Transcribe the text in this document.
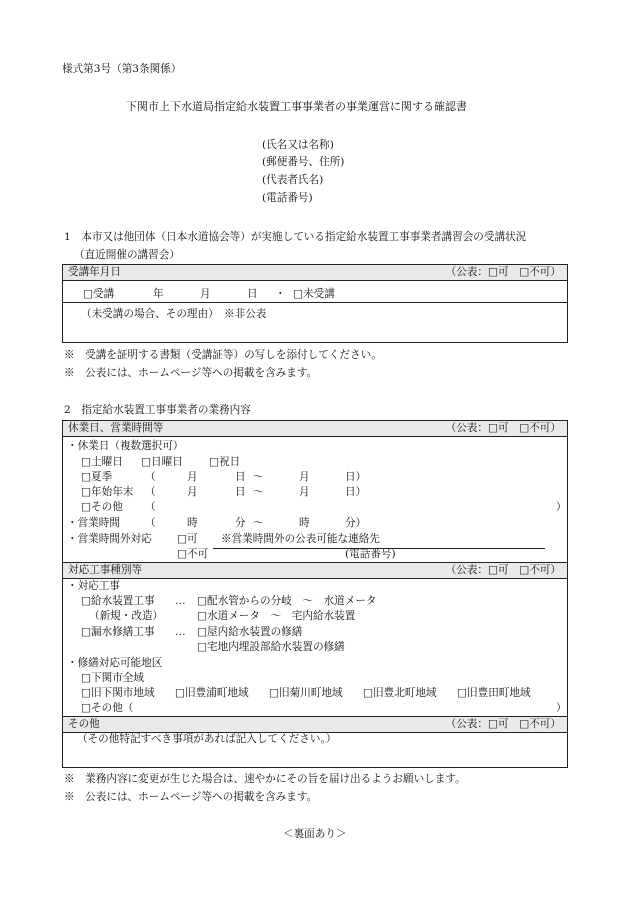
様式第3号（第3条関係）
下関市上下水道局指定給水装置工事事業者の事業運営に関する確認書
(氏名又は名称)
(郵便番号、住所)
(代表者氏名)
(電話番号)
1　本市又は他団体（日本水道協会等）が実施している指定給水装置工事事業者講習会の受講状況
（直近開催の講習会）
受講年月日	（公表：□可　□不可）
□受講	年	月	日 ・ □未受講
（未受講の場合、その理由）　※非公表
※　受講を証明する書類（受講証等）の写しを添付してください。
※　公表には、ホームページ等への掲載を含みます。
2　指定給水装置工事事業者の業務内容
休業日、営業時間等	（公表：□可　□不可）
・休業日（複数選択可）
□土曜日 □日曜日 □祝日
□夏季	（	月	日 ～	月	日）
□年始年末 （	月	日 ～	月	日）
□その他 （	）
・営業時間 （	時	分 ～	時	分）
・営業時間外対応 □可 ※営業時間外の公表可能な連絡先
□不可	(電話番号)
対応工事種別等	（公表：□可　□不可）
・対応工事
□給水装置工事 … □配水管からの分岐　～　水道メータ
（新規・改造）	□水道メータ　～　宅内給水装置
□漏水修繕工事 … □屋内給水装置の修繕
□宅地内埋設部給水装置の修繕
・修繕対応可能地区
□下関市全域
□旧下関市地域 □旧豊浦町地域 □旧菊川町地域 □旧豊北町地域 □旧豊田町地域
□その他（	）
その他	（公表：□可　□不可）
（その他特記すべき事項があれば記入してください。）
※　業務内容に変更が生じた場合は、速やかにその旨を届け出るようお願いします。
※　公表には、ホームページ等への掲載を含みます。
＜裏面あり＞
